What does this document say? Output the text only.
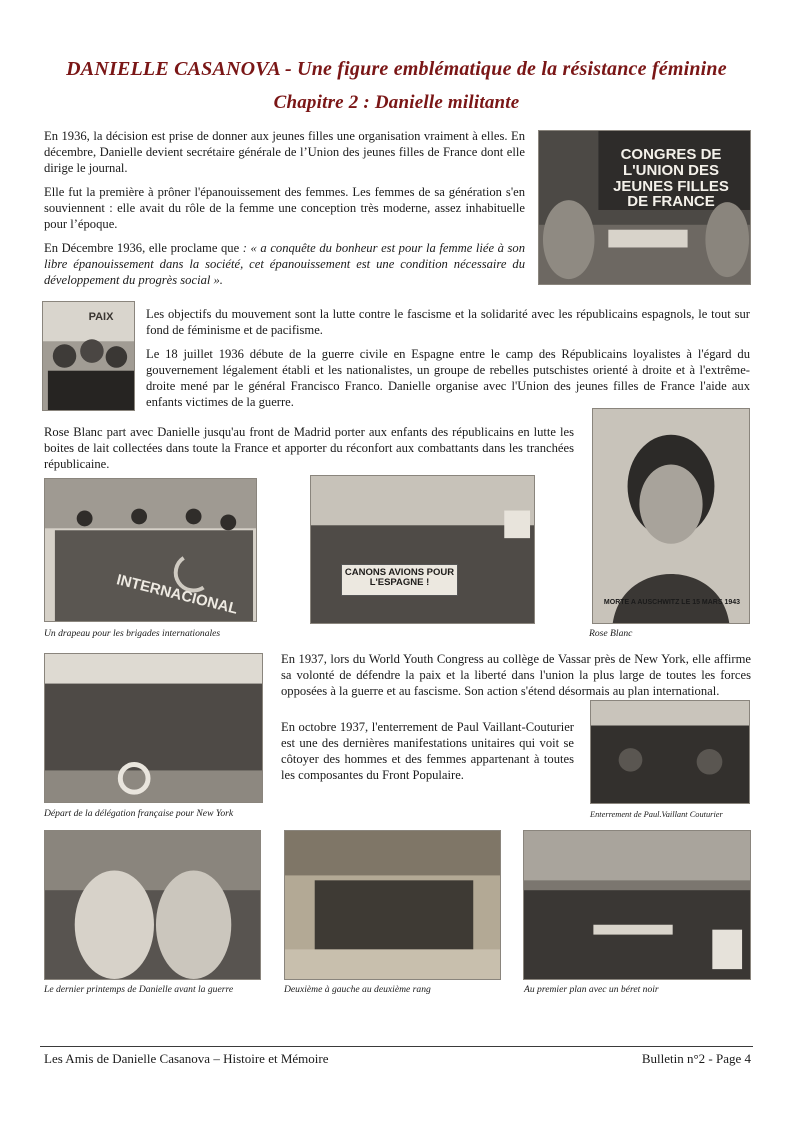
DANIELLE CASANOVA - Une figure emblématique de la résistance féminine
Chapitre 2 : Danielle militante

En 1936, la décision est prise de donner aux jeunes filles une organisation vraiment à elles. En décembre, Danielle devient secrétaire générale de l’Union des jeunes filles de France dont elle dirige le journal.

Elle fut la première à prôner l'épanouissement des femmes. Les femmes de sa génération s'en souviennent : elle avait du rôle de la femme une conception très moderne, assez inhabituelle pour l’époque.

En Décembre 1936, elle proclame que : « a conquête du bonheur est pour la femme liée à son libre épanouissement dans la société, cet épanouissement est une condition nécessaire du développement du progrès social ».

CONGRES DE L'UNION DES JEUNES FILLES DE FRANCE
PAIX	Les objectifs du mouvement sont la lutte contre le fascisme et la solidarité avec les républicains espagnols, le tout sur fond de féminisme et de pacifisme.

Le 18 juillet 1936 débute de la guerre civile en Espagne entre le camp des Républicains loyalistes à l'égard du gouvernement légalement établi et les nationalistes, un groupe de rebelles putschistes orienté à droite et à l'extrême-droite mené par le général Francisco Franco. Danielle organise avec l'Union des jeunes filles de France l'aide aux enfants victimes de la guerre.

Rose Blanc part avec Danielle jusqu'au front de Madrid porter aux enfants des républicains en lutte les boites de lait collectées dans toute la France et apporter du réconfort aux combattants dans les tranchées républicaine.

MORTE A AUSCHWITZ LE 15 MARS 1943
INTERNACIONAL
Un drapeau pour les brigades internationales
CANONS AVIONS POUR L'ESPAGNE !
Rose Blanc
Départ de la délégation française pour New York

En 1937, lors du World Youth Congress au collège de Vassar près de New York, elle affirme sa volonté de défendre la paix et la liberté dans l'union la plus large de toutes les forces opposées à la guerre et au fascisme. Son action s'étend désormais au plan international.

En octobre 1937, l'enterrement de Paul Vaillant-Couturier est une des dernières manifestations unitaires qui voit se côtoyer des hommes et des femmes appartenant à toutes les composantes du Front Populaire.

Enterrement de Paul.Vaillant Couturier
Le dernier printemps de Danielle avant la guerre	Deuxième à gauche au deuxième rang	Au premier plan avec un béret noir
Les Amis de Danielle Casanova – Histoire et Mémoire	Bulletin n°2 - Page 4
